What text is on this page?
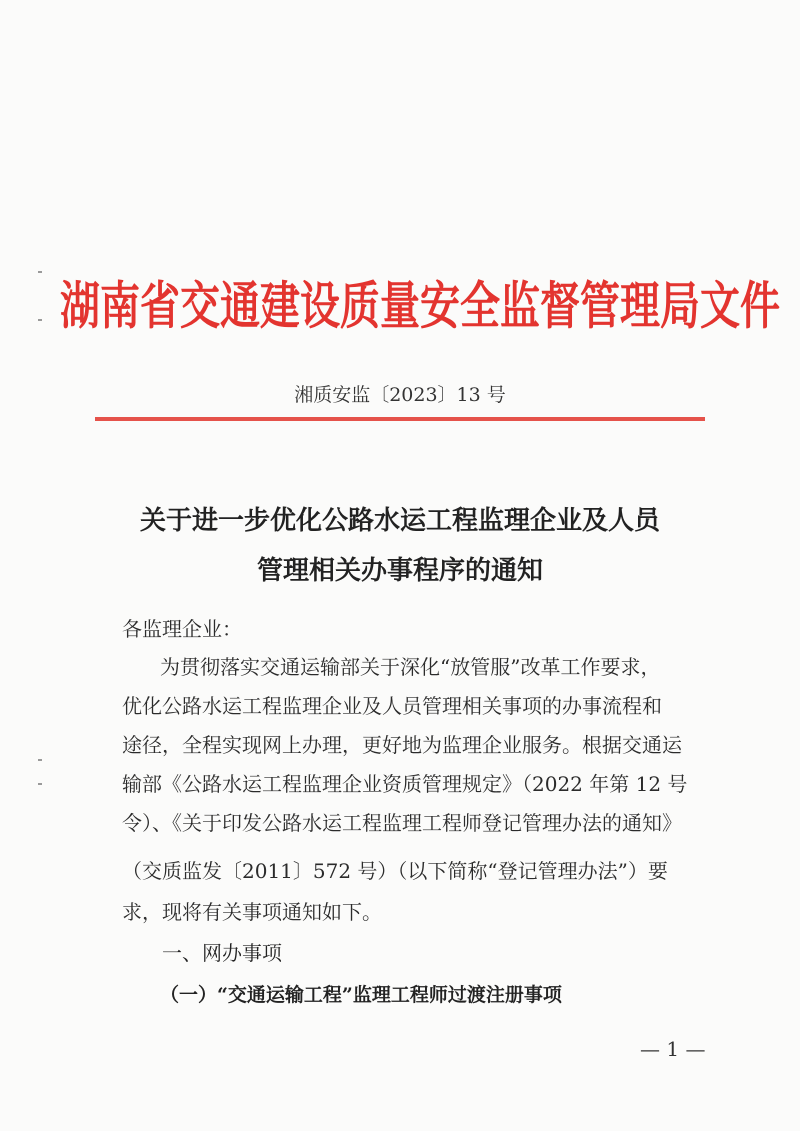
湖南省交通建设质量安全监督管理局文件
湘质安监〔2023〕13 号
关于进一步优化公路水运工程监理企业及人员
管理相关办事程序的通知
各监理企业：
为贯彻落实交通运输部关于深化“放管服”改革工作要求，
优化公路水运工程监理企业及人员管理相关事项的办事流程和
途径，全程实现网上办理，更好地为监理企业服务。根据交通运
输部《公路水运工程监理企业资质管理规定》（2022 年第 12 号
令）、《关于印发公路水运工程监理工程师登记管理办法的通知》
（交质监发〔2011〕572 号）（以下简称“登记管理办法”）要
求，现将有关事项通知如下。
一、网办事项
（一）“交通运输工程”监理工程师过渡注册事项
— 1 —
